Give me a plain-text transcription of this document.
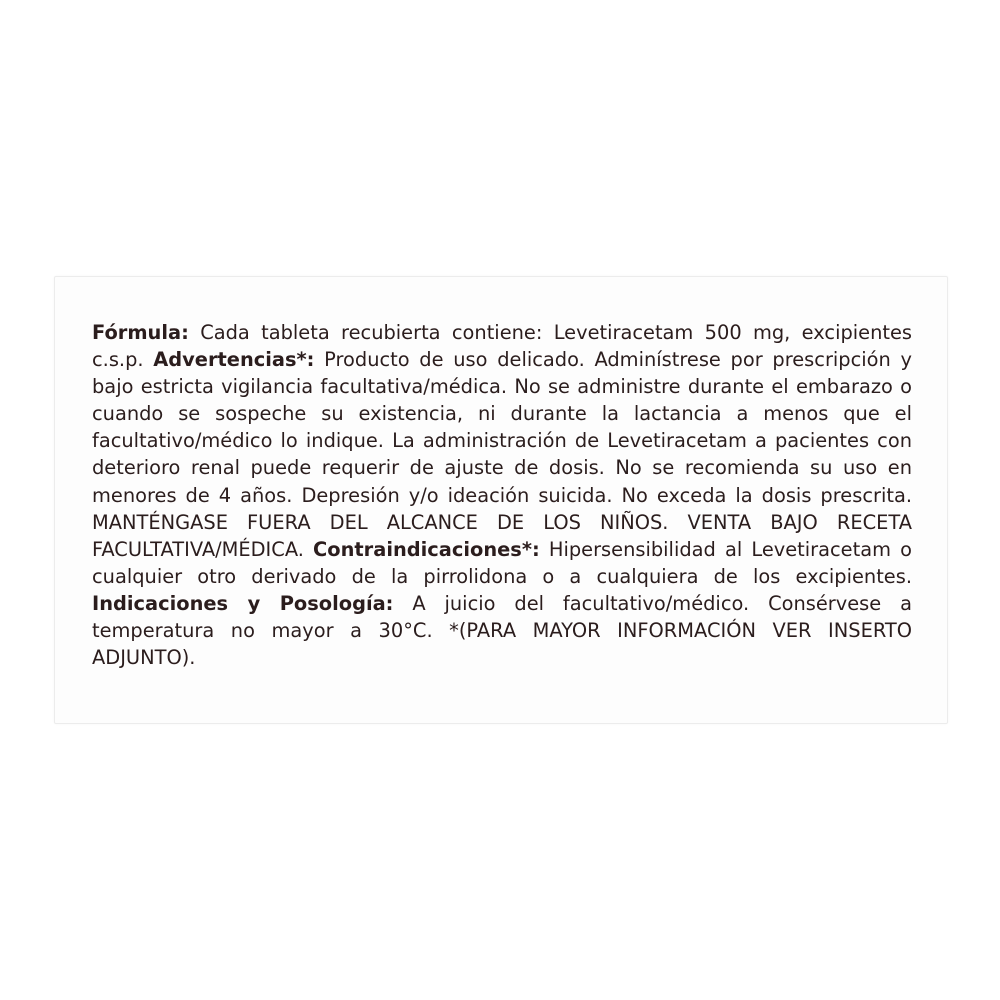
Fórmula: Cada tableta recubierta contiene: Levetiracetam 500 mg, excipientes c.s.p. Advertencias*: Producto de uso delicado. Adminístrese por prescripción y bajo estricta vigilancia facultativa/médica. No se administre durante el embarazo o cuando se sospeche su existencia, ni durante la lactancia a menos que el facultativo/médico lo indique. La administración de Levetiracetam a pacientes con deterioro renal puede requerir de ajuste de dosis. No se recomienda su uso en menores de 4 años. Depresión y/o ideación suicida. No exceda la dosis prescrita. MANTÉNGASE FUERA DEL ALCANCE DE LOS NIÑOS. VENTA BAJO RECETA FACULTATIVA/MÉDICA. Contraindicaciones*: Hipersensibilidad al Levetiracetam o cualquier otro derivado de la pirrolidona o a cualquiera de los excipientes. Indicaciones y Posología: A juicio del facultativo/médico. Consérvese a temperatura no mayor a 30°C. *(PARA MAYOR INFORMACIÓN VER INSERTO ADJUNTO).
